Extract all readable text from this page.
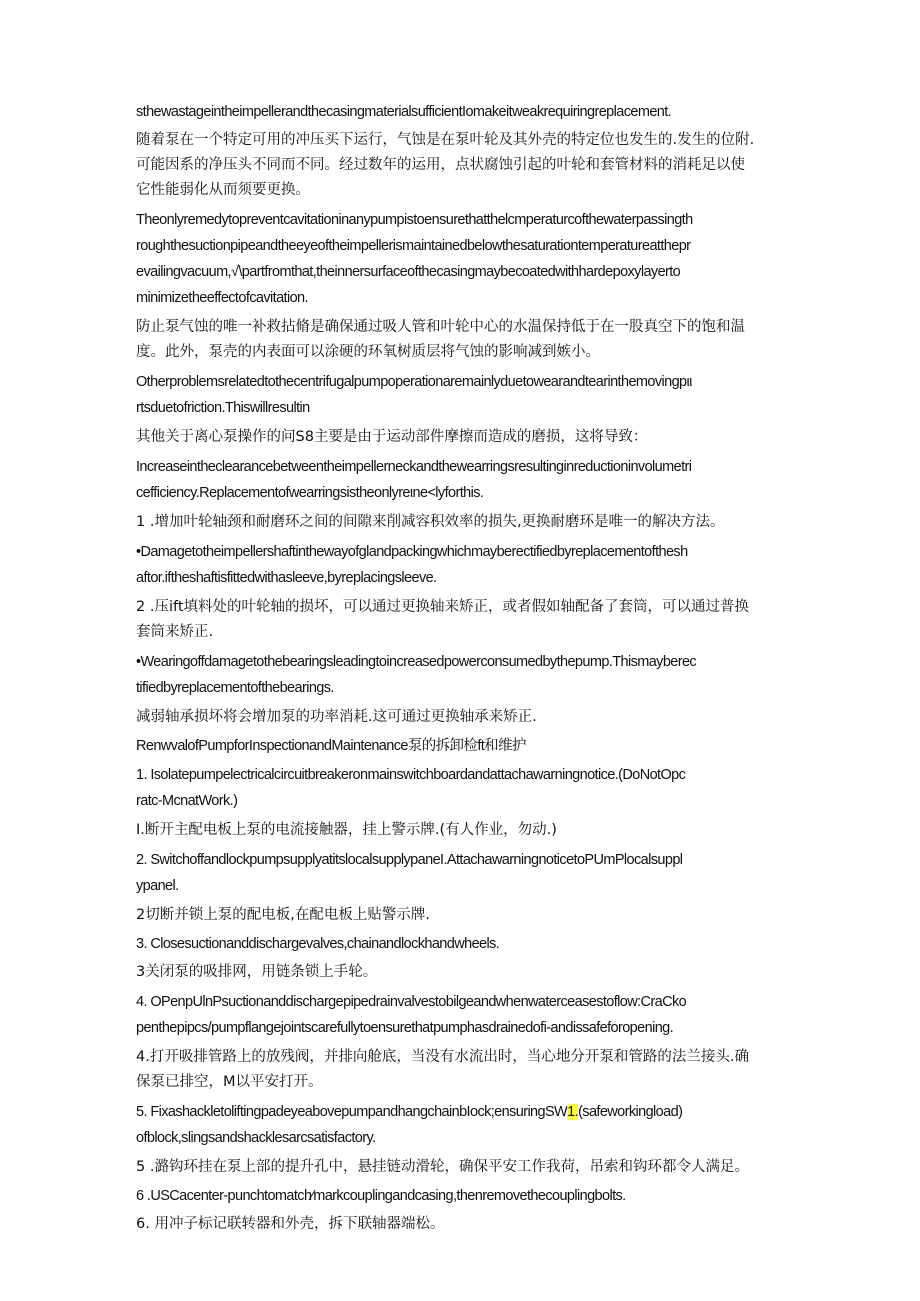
sthewastageintheimpellerandthecasingmaterialsufficientIomakeitweakrequiringreplacement.

随着泵在一个特定可用的冲压买下运行，气蚀是在泵叶轮及其外壳的特定位也发生的.发生的位附.

可能因系的净压头不同而不同。经过数年的运用，点状腐蚀引起的叶轮和套管材料的消耗足以使

它性能弱化从而须要更换。

Theonlyremedytopreventcavitationinanypumpistoensurethatthelcmperaturcofthewaterpassingth

roughthesuctionpipeandtheeyeoftheimpellerismaintainedbelowthesaturationtemperatureatthepr

evailingvacuum,√\partfromthat,theinnersurfaceofthecasingmaybecoatedwithhardepoxylayerto

minimizetheeffectofcavitation.

防止泵气蚀的唯一补救拈脩是确保通过吸人管和叶轮中心的水温保持低于在一股真空下的饱和温

度。此外，泵壳的内表面可以涂硬的环氧树质层将气蚀的影响减到嫉小。

Otherproblemsrelatedtothecentrifugalpumpoperationaremainlyduetowearandtearinthemovingpιι

rtsduetofriction.Thiswillresultin

其他关于离心泵操作的问S8主要是由于运动部件摩擦而造成的磨损，这将导致：

Increaseintheclearancebetweentheimpellerneckandthewearringsresultinginreductioninvolumetri

cefficiency.Replacementofwearringsistheonlyreιne<lyforthis.

1 .增加叶轮轴颈和耐磨环之间的间隙来削减容积效率的损失,更换耐磨环是唯一的解决方法。

•Damagetotheimpellershaftinthewayofglandpackingwhichmayberectifiedbyreplacementofthesh

aftor.iftheshaftisfittedwithasleeve,byreplacingsleeve.

2 .压ift填料处的叶轮轴的损坏，可以通过更换轴来矫正，或者假如轴配备了套筒，可以通过普换

套筒来矫正.

•Wearingoffdamagetothebearingsleadingtoincreasedpowerconsumedbythepump.Thismayberec

tifiedbyreplacementofthebearings.

减弱轴承损坏将会增加泵的功率消耗.这可通过更换轴承来矫正.

RenwvalofPumpforInspectionandMaintenance泵的拆卸检ft和维护

1. Isolatepumpelectricalcircuitbreakeronmainswitchboardandattachawarningnotice.(DoNotOpc

ratc-McnatWork.)

I.断开主配电板上泵的电流接触器，挂上警示牌.(有人作业，勿动.)

2. SwitchoffandlockpumpsupplyatitslocalsupplypaneI.AttachawarningnoticetoPUmPlocalsuppl

ypanel.

2切断并锁上泵的配电板,在配电板上贴警示牌.

3. Closesuctionanddischargevalves,chainandlockhandwheels.

3关闭泵的吸排网，用链条锁上手轮。

4. OPenpUlnPsuctionanddischargepipedrainvalvestobilgeandwhenwaterceasestoflow:CraCko

penthepipcs/pumpflangejointscarefullytoensurethatpumphasdrainedofi-andissafeforopening.

4.打开吸排管路上的放残阀，并排向舱底，当没有水流出时，当心地分开泵和管路的法兰接头.确

保泵已排空，M以平安打开。

5. FixashackletoliftingpadeyeabovepumpandhangchainbIock;ensuringSW1.(safeworkingload)

ofblock,slingsandshacklesarcsatisfactory.

5 .潞钩环挂在泵上部的提升孔中，悬挂链动滑轮，确保平安工作我荷，吊索和钩环都令人满足。

6 .USCacenter-punchtomatch∕markcouplingandcasing,thenremovethecouplingbolts.

6. 用冲子标记联转器和外壳，拆下联轴器端松。
